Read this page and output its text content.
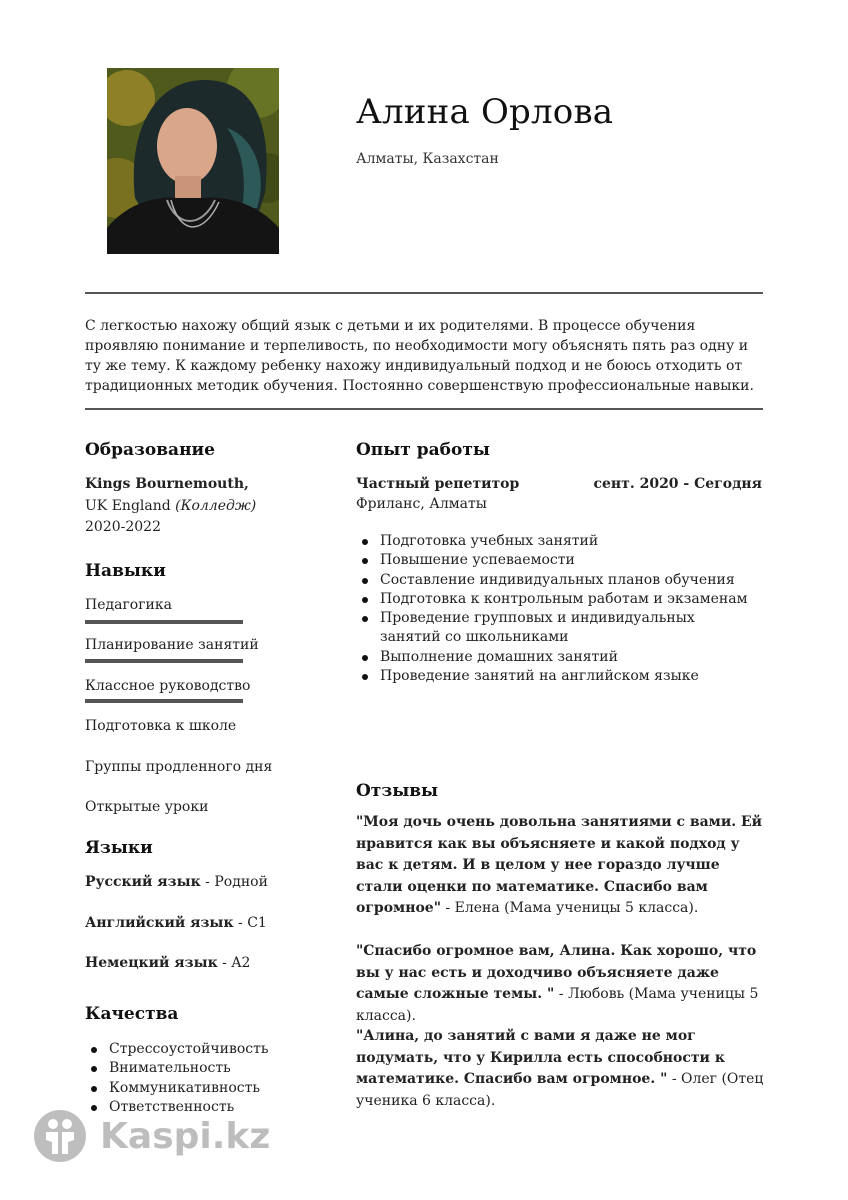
Алина Орлова
Алматы, Казахстан
С легкостью нахожу общий язык с детьми и их родителями. В процессе обучения проявляю понимание и терпеливость, по необходимости могу объяснять пять раз одну и ту же тему. К каждому ребенку нахожу индивидуальный подход и не боюсь отходить от традиционных методик обучения. Постоянно совершенствую профессиональные навыки.
Образование
Kings Bournemouth,
UK England (Колледж)
2020-2022
Навыки
Педагогика
Планирование занятий
Классное руководство
Подготовка к школе
Группы продленного дня
Открытые уроки
Языки
Русский язык - Родной
Английский язык - C1
Немецкий язык - A2
Качества
Стрессоустойчивость
Внимательность
Коммуникативность
Ответственность
Опыт работы
Частный репетитор	сент. 2020 - Сегодня
Фриланс, Алматы
Подготовка учебных занятий
Повышение успеваемости
Составление индивидуальных планов обучения
Подготовка к контрольным работам и экзаменам
Проведение групповых и индивидуальных занятий со школьниками
Выполнение домашних занятий
Проведение занятий на английском языке
Отзывы
"Моя дочь очень довольна занятиями с вами. Ей нравится как вы объясняете и какой подход у вас к детям. И в целом у нее гораздо лучше стали оценки по математике. Спасибо вам огромное" - Елена (Мама ученицы 5 класса).
"Спасибо огромное вам, Алина. Как хорошо, что вы у нас есть и доходчиво объясняете даже самые сложные темы. " - Любовь (Мама ученицы 5 класса).
"Алина, до занятий с вами я даже не мог подумать, что у Кирилла есть способности к математике. Спасибо вам огромное. " - Олег (Отец ученика 6 класса).
Kaspi.kz
